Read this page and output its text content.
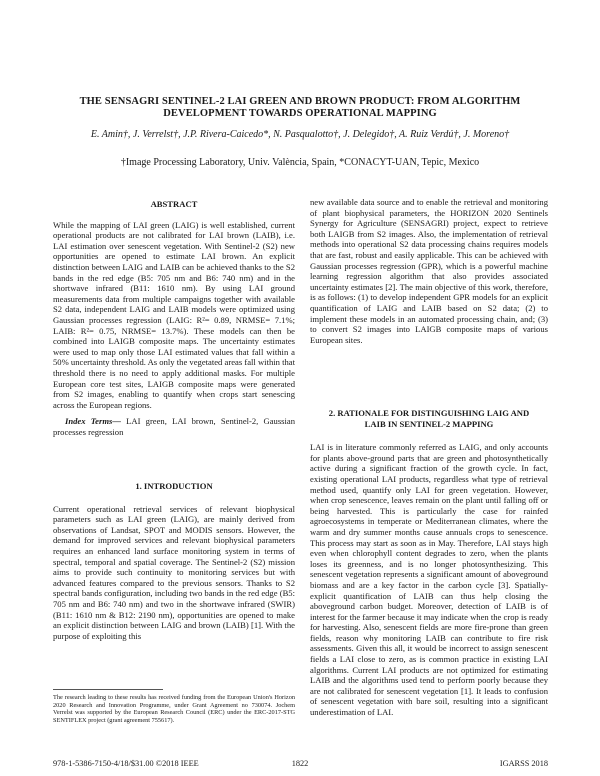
THE SENSAGRI SENTINEL-2 LAI GREEN AND BROWN PRODUCT: FROM ALGORITHM
DEVELOPMENT TOWARDS OPERATIONAL MAPPING
E. Amin†, J. Verrelst†, J.P. Rivera-Caicedo*, N. Pasqualotto†, J. Delegido†, A. Ruiz Verdú†, J. Moreno†
†Image Processing Laboratory, Univ. València, Spain, *CONACYT-UAN, Tepic, Mexico
ABSTRACT

While the mapping of LAI green (LAIG) is well established, current operational products are not calibrated for LAI brown (LAIB), i.e. LAI estimation over senescent vegetation. With Sentinel-2 (S2) new opportunities are opened to estimate LAI brown. An explicit distinction between LAIG and LAIB can be achieved thanks to the S2 bands in the red edge (B5: 705 nm and B6: 740 nm) and in the shortwave infrared (B11: 1610 nm). By using LAI ground measurements data from multiple campaigns together with available S2 data, independent LAIG and LAIB models were optimized using Gaussian processes regression (LAIG: R²= 0.89, NRMSE= 7.1%; LAIB: R²= 0.75, NRMSE= 13.7%). These models can then be combined into LAIGB composite maps. The uncertainty estimates were used to map only those LAI estimated values that fall within a 50% uncertainty threshold. As only the vegetated areas fall within that threshold there is no need to apply additional masks. For multiple European core test sites, LAIGB composite maps were generated from S2 images, enabling to quantify when crops start senescing across the European regions.

Index Terms— LAI green, LAI brown, Sentinel-2, Gaussian processes regression

1. INTRODUCTION

Current operational retrieval services of relevant biophysical parameters such as LAI green (LAIG), are mainly derived from observations of Landsat, SPOT and MODIS sensors. However, the demand for improved services and relevant biophysical parameters requires an enhanced land surface monitoring system in terms of spectral, temporal and spatial coverage. The Sentinel-2 (S2) mission aims to provide such continuity to monitoring services but with advanced features compared to the previous sensors. Thanks to S2 spectral bands configuration, including two bands in the red edge (B5: 705 nm and B6: 740 nm) and two in the shortwave infrared (SWIR) (B11: 1610 nm & B12: 2190 nm), opportunities are opened to make an explicit distinction between LAIG and brown (LAIB) [1]. With the purpose of exploiting this

The research leading to these results has received funding from the European Union's Horizon 2020 Research and Innovation Programme, under Grant Agreement no 730074. Jochem Verrelst was supported by the European Research Council (ERC) under the ERC-2017-STG SENTIFLEX project (grant agreement 755617).
new available data source and to enable the retrieval and monitoring of plant biophysical parameters, the HORIZON 2020 Sentinels Synergy for Agriculture (SENSAGRI) project, expect to retrieve both LAIGB from S2 images. Also, the implementation of retrieval methods into operational S2 data processing chains requires models that are fast, robust and easily applicable. This can be achieved with Gaussian processes regression (GPR), which is a powerful machine learning regression algorithm that also provides associated uncertainty estimates [2]. The main objective of this work, therefore, is as follows: (1) to develop independent GPR models for an explicit quantification of LAIG and LAIB based on S2 data; (2) to implement these models in an automated processing chain, and; (3) to convert S2 images into LAIGB composite maps of various European sites.
2. RATIONALE FOR DISTINGUISHING LAIG AND
LAIB IN SENTINEL-2 MAPPING

LAI is in literature commonly referred as LAIG, and only accounts for plants above-ground parts that are green and photosynthetically active during a significant fraction of the growth cycle. In fact, existing operational LAI products, regardless what type of retrieval method used, quantify only LAI for green vegetation. However, when crop senescence, leaves remain on the plant until falling off or being harvested. This is particularly the case for rainfed agroecosystems in temperate or Mediterranean climates, where the warm and dry summer months cause annuals crops to senescence. This process may start as soon as in May. Therefore, LAI stays high even when chlorophyll content degrades to zero, when the plants loses its greenness, and is no longer photosynthesizing. This senescent vegetation represents a significant amount of aboveground biomass and are a key factor in the carbon cycle [3]. Spatially-explicit quantification of LAIB can thus help closing the aboveground carbon budget. Moreover, detection of LAIB is of interest for the farmer because it may indicate when the crop is ready for harvesting. Also, senescent fields are more fire-prone than green fields, reason why monitoring LAIB can contribute to fire risk assessments. Given this all, it would be incorrect to assign senescent fields a LAI close to zero, as is common practice in existing LAI algorithms. Current LAI products are not optimized for estimating LAIB and the algorithms used tend to perform poorly because they are not calibrated for senescent vegetation [1]. It leads to confusion of senescent vegetation with bare soil, resulting into a significant underestimation of LAI.

978-1-5386-7150-4/18/$31.00 ©2018 IEEE	1822	IGARSS 2018
